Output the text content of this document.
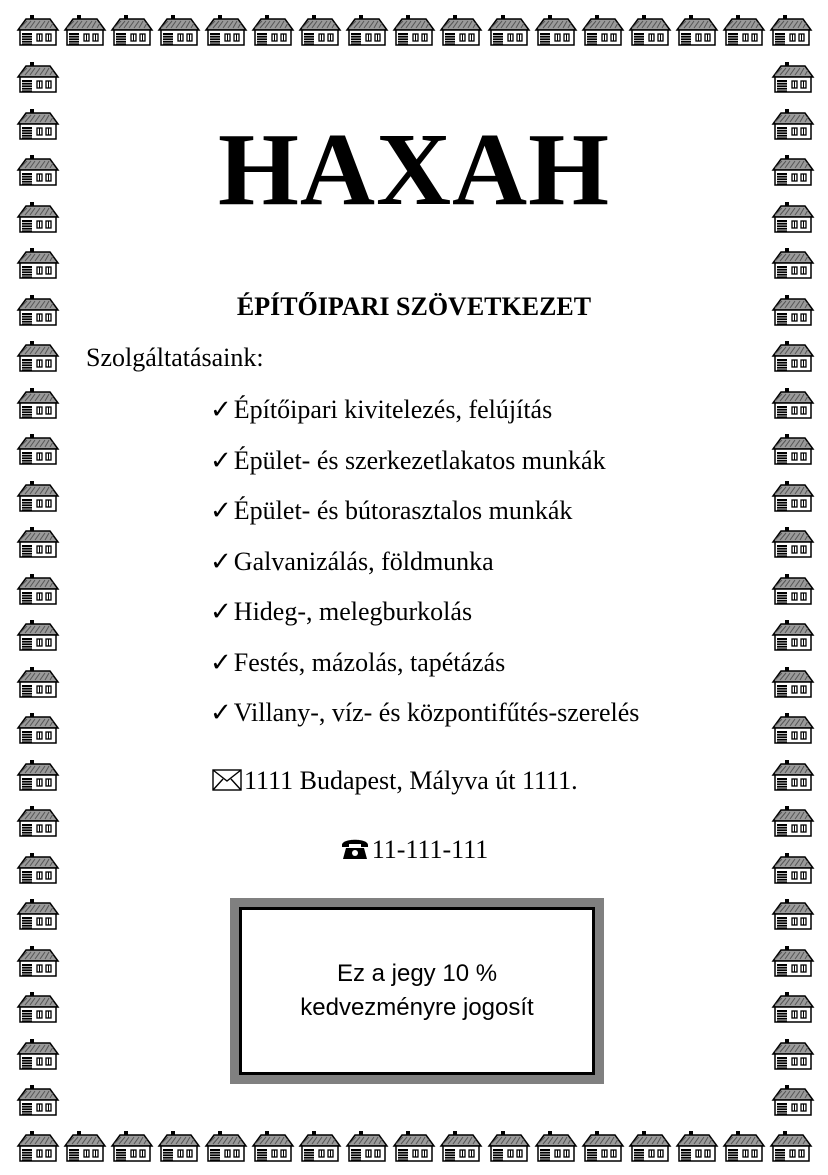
HAXAH
ÉPÍTŐIPARI SZÖVETKEZET
Szolgáltatásaink:
✓Építőipari kivitelezés, felújítás
✓Épület- és szerkezetlakatos munkák
✓Épület- és bútorasztalos munkák
✓Galvanizálás, földmunka
✓Hideg-, melegburkolás
✓Festés, mázolás, tapétázás
✓Villany-, víz- és központifűtés-szerelés
1111 Budapest, Mályva út 1111.
11-111-111
Ez a jegy 10 %
kedvezményre jogosít
